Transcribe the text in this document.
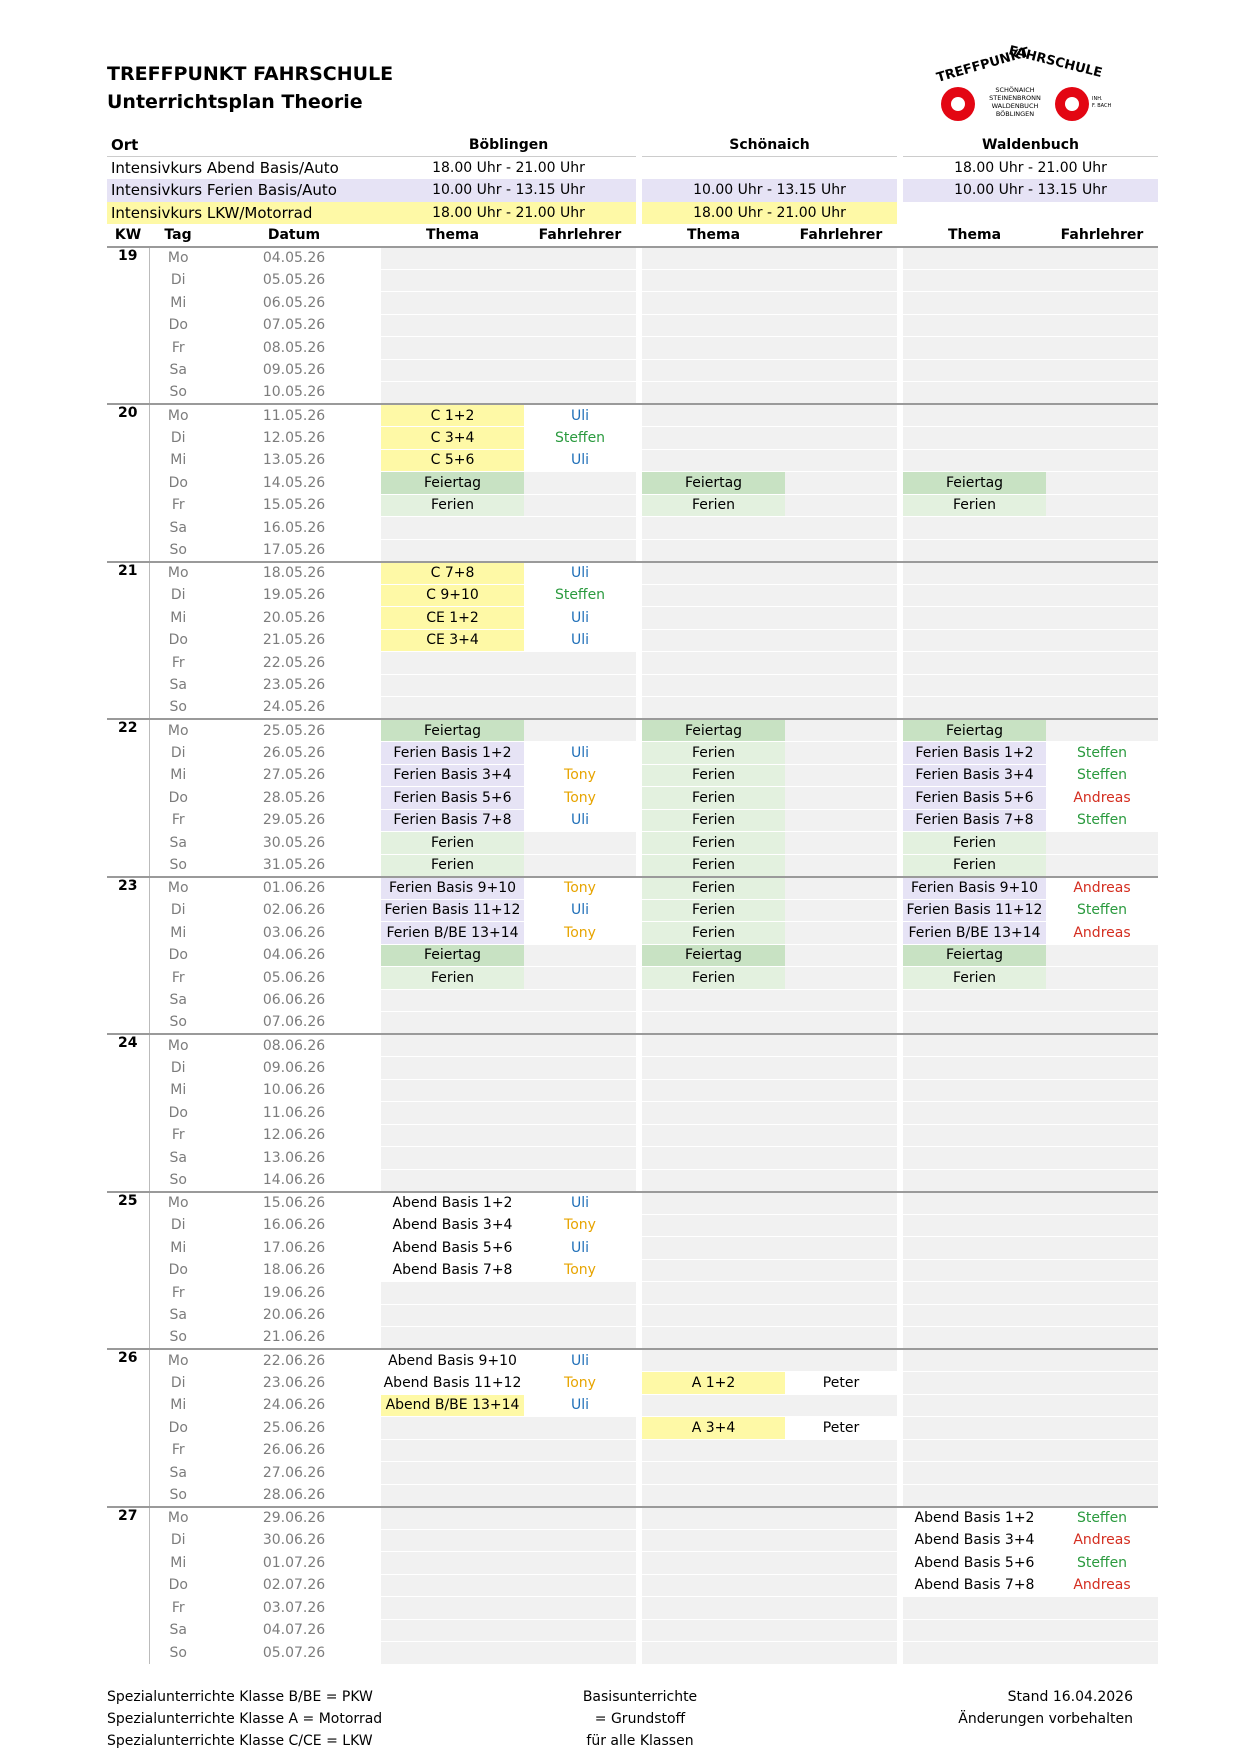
TREFFPUNKT FAHRSCHULE
Unterrichtsplan Theorie
FAHRSCHULE
TREFFPUNKT
SCHÖNAICH
STEINENBRONN
WALDENBUCH
BÖBLINGEN
INH.
F. BACH
Ort			Böblingen			Schönaich			Waldenbuch	
Intensivkurs Abend Basis/Auto			18.00 Uhr - 21.00 Uhr						18.00 Uhr - 21.00 Uhr	
Intensivkurs Ferien Basis/Auto			10.00 Uhr - 13.15 Uhr			10.00 Uhr - 13.15 Uhr			10.00 Uhr - 13.15 Uhr	
Intensivkurs LKW/Motorrad			18.00 Uhr - 21.00 Uhr			18.00 Uhr - 21.00 Uhr				
KW	Tag	Datum	Thema	Fahrlehrer		Thema	Fahrlehrer		Thema	Fahrlehrer
19	Mo	04.05.26								
	Di	05.05.26								
	Mi	06.05.26								
	Do	07.05.26								
	Fr	08.05.26								
	Sa	09.05.26								
	So	10.05.26								
20	Mo	11.05.26	C 1+2	Uli						
	Di	12.05.26	C 3+4	Steffen						
	Mi	13.05.26	C 5+6	Uli						
	Do	14.05.26	Feiertag			Feiertag			Feiertag	
	Fr	15.05.26	Ferien			Ferien			Ferien	
	Sa	16.05.26								
	So	17.05.26								
21	Mo	18.05.26	C 7+8	Uli						
	Di	19.05.26	C 9+10	Steffen						
	Mi	20.05.26	CE 1+2	Uli						
	Do	21.05.26	CE 3+4	Uli						
	Fr	22.05.26								
	Sa	23.05.26								
	So	24.05.26								
22	Mo	25.05.26	Feiertag			Feiertag			Feiertag	
	Di	26.05.26	Ferien Basis 1+2	Uli		Ferien			Ferien Basis 1+2	Steffen
	Mi	27.05.26	Ferien Basis 3+4	Tony		Ferien			Ferien Basis 3+4	Steffen
	Do	28.05.26	Ferien Basis 5+6	Tony		Ferien			Ferien Basis 5+6	Andreas
	Fr	29.05.26	Ferien Basis 7+8	Uli		Ferien			Ferien Basis 7+8	Steffen
	Sa	30.05.26	Ferien			Ferien			Ferien	
	So	31.05.26	Ferien			Ferien			Ferien	
23	Mo	01.06.26	Ferien Basis 9+10	Tony		Ferien			Ferien Basis 9+10	Andreas
	Di	02.06.26	Ferien Basis 11+12	Uli		Ferien			Ferien Basis 11+12	Steffen
	Mi	03.06.26	Ferien B/BE 13+14	Tony		Ferien			Ferien B/BE 13+14	Andreas
	Do	04.06.26	Feiertag			Feiertag			Feiertag	
	Fr	05.06.26	Ferien			Ferien			Ferien	
	Sa	06.06.26								
	So	07.06.26								
24	Mo	08.06.26								
	Di	09.06.26								
	Mi	10.06.26								
	Do	11.06.26								
	Fr	12.06.26								
	Sa	13.06.26								
	So	14.06.26								
25	Mo	15.06.26	Abend Basis 1+2	Uli						
	Di	16.06.26	Abend Basis 3+4	Tony						
	Mi	17.06.26	Abend Basis 5+6	Uli						
	Do	18.06.26	Abend Basis 7+8	Tony						
	Fr	19.06.26								
	Sa	20.06.26								
	So	21.06.26								
26	Mo	22.06.26	Abend Basis 9+10	Uli						
	Di	23.06.26	Abend Basis 11+12	Tony		A 1+2	Peter			
	Mi	24.06.26	Abend B/BE 13+14	Uli						
	Do	25.06.26				A 3+4	Peter			
	Fr	26.06.26								
	Sa	27.06.26								
	So	28.06.26								
27	Mo	29.06.26							Abend Basis 1+2	Steffen
	Di	30.06.26							Abend Basis 3+4	Andreas
	Mi	01.07.26							Abend Basis 5+6	Steffen
	Do	02.07.26							Abend Basis 7+8	Andreas
	Fr	03.07.26								
	Sa	04.07.26								
	So	05.07.26								
Spezialunterrichte Klasse B/BE = PKW
Spezialunterrichte Klasse A = Motorrad
Spezialunterrichte Klasse C/CE = LKW
Basisunterrichte
= Grundstoff
für alle Klassen
Stand 16.04.2026
Änderungen vorbehalten
